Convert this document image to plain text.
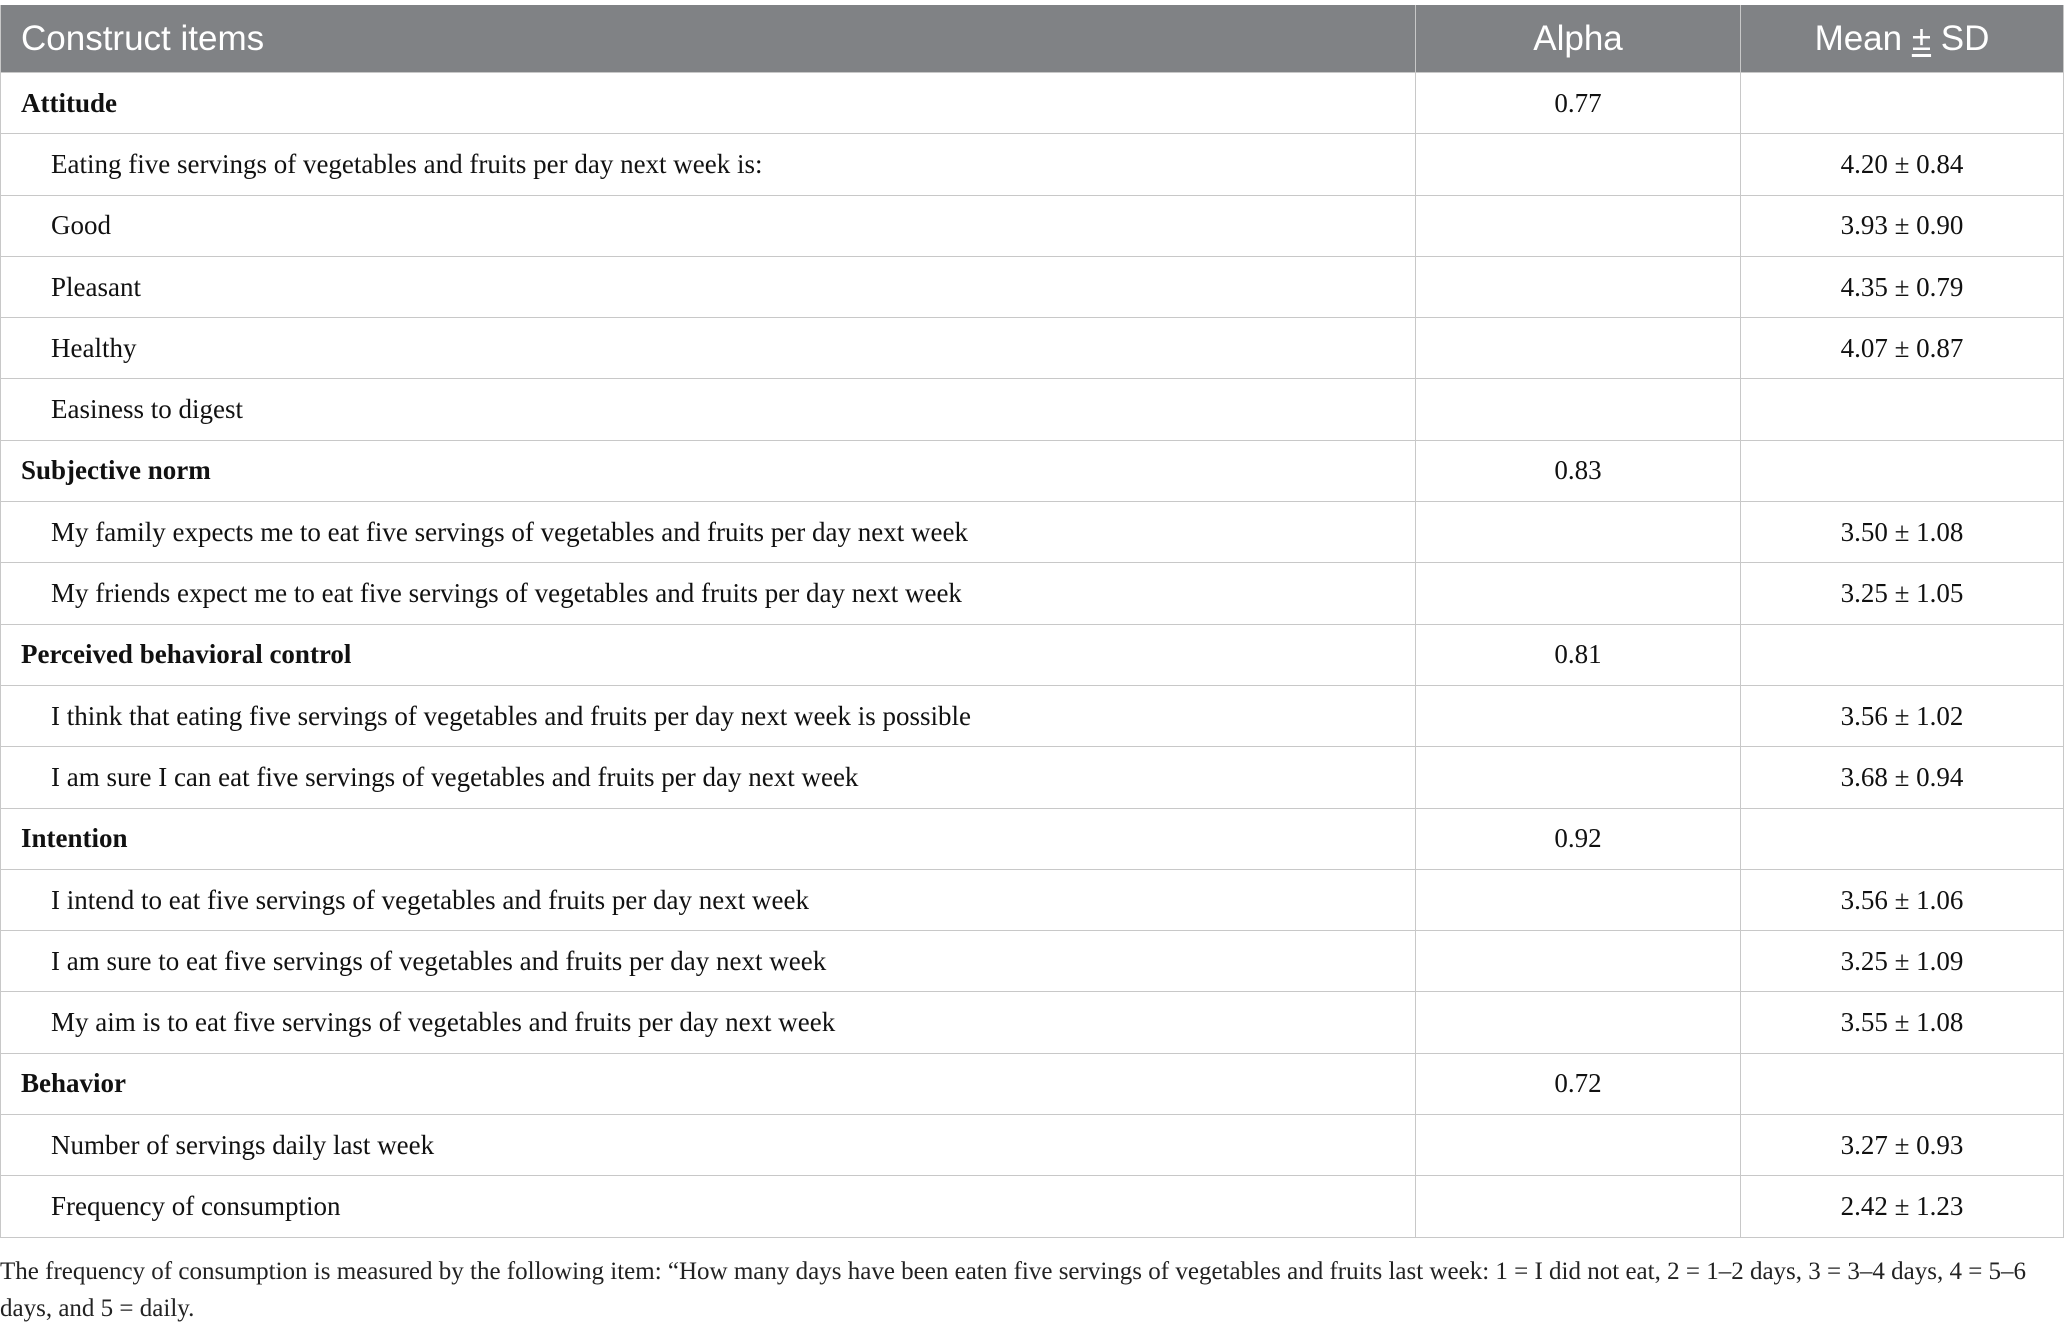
Construct items	Alpha	Mean ± SD
Attitude	0.77	
Eating five servings of vegetables and fruits per day next week is:		4.20 ± 0.84
Good		3.93 ± 0.90
Pleasant		4.35 ± 0.79
Healthy		4.07 ± 0.87
Easiness to digest		
Subjective norm	0.83	
My family expects me to eat five servings of vegetables and fruits per day next week		3.50 ± 1.08
My friends expect me to eat five servings of vegetables and fruits per day next week		3.25 ± 1.05
Perceived behavioral control	0.81	
I think that eating five servings of vegetables and fruits per day next week is possible		3.56 ± 1.02
I am sure I can eat five servings of vegetables and fruits per day next week		3.68 ± 0.94
Intention	0.92	
I intend to eat five servings of vegetables and fruits per day next week		3.56 ± 1.06
I am sure to eat five servings of vegetables and fruits per day next week		3.25 ± 1.09
My aim is to eat five servings of vegetables and fruits per day next week		3.55 ± 1.08
Behavior	0.72	
Number of servings daily last week		3.27 ± 0.93
Frequency of consumption		2.42 ± 1.23
The frequency of consumption is measured by the following item: “How many days have been eaten five servings of vegetables and fruits last week: 1 = I did not eat, 2 = 1–2 days, 3 = 3–4 days, 4 = 5–6 days, and 5 = daily.
